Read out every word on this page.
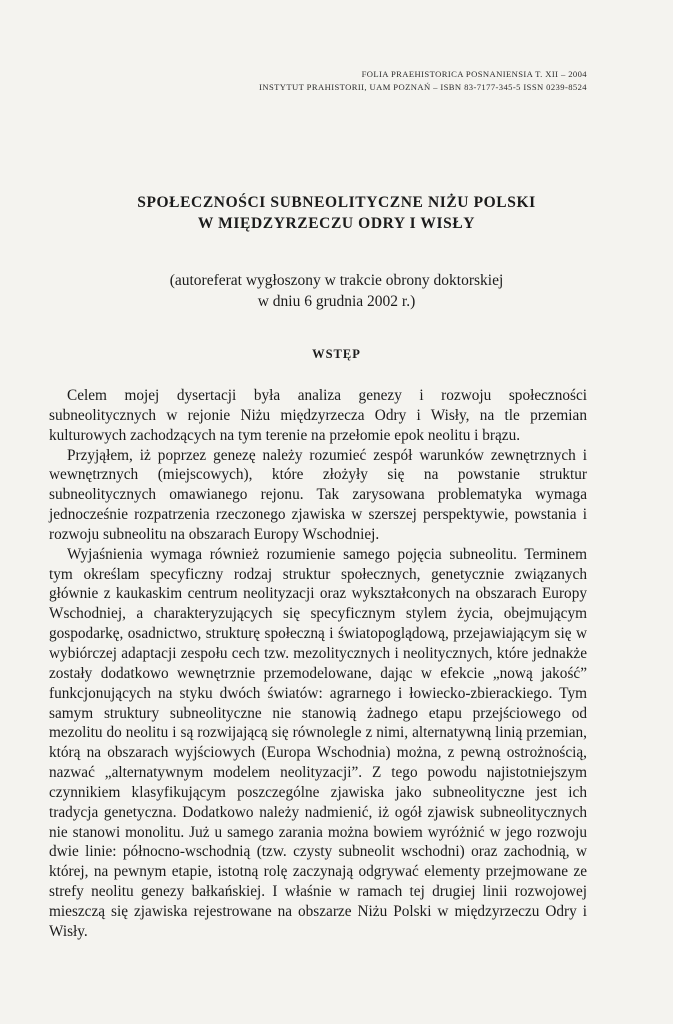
FOLIA PRAEHISTORICA POSNANIENSIA T. XII – 2004
INSTYTUT PRAHISTORII, UAM POZNAŃ – ISBN 83-7177-345-5 ISSN 0239-8524
SPOŁECZNOŚCI SUBNEOLITYCZNE NIŻU POLSKI
W MIĘDZYRZECZU ODRY I WISŁY
(autoreferat wygłoszony w trakcie obrony doktorskiej
w dniu 6 grudnia 2002 r.)
WSTĘP

Celem mojej dysertacji była analiza genezy i rozwoju społeczności subneolitycznych w rejonie Niżu międzyrzecza Odry i Wisły, na tle przemian kulturowych zachodzących na tym terenie na przełomie epok neolitu i brązu.

Przyjąłem, iż poprzez genezę należy rozumieć zespół warunków zewnętrznych i wewnętrznych (miejscowych), które złożyły się na powstanie struktur subneolitycznych omawianego rejonu. Tak zarysowana problematyka wymaga jednocześnie rozpatrzenia rzeczonego zjawiska w szerszej perspektywie, powstania i rozwoju subneolitu na obszarach Europy Wschodniej.

Wyjaśnienia wymaga również rozumienie samego pojęcia subneolitu. Terminem tym określam specyficzny rodzaj struktur społecznych, genetycznie związanych głównie z kaukaskim centrum neolityzacji oraz wykształconych na obszarach Europy Wschodniej, a charakteryzujących się specyficznym stylem życia, obejmującym gospodarkę, osadnictwo, strukturę społeczną i światopoglądową, przejawiającym się w wybiórczej adaptacji zespołu cech tzw. mezolitycznych i neolitycznych, które jednakże zostały dodatkowo wewnętrznie przemodelowane, dając w efekcie „nową jakość” funkcjonujących na styku dwóch światów: agrarnego i łowiecko-zbierackiego. Tym samym struktury subneolityczne nie stanowią żadnego etapu przejściowego od mezolitu do neolitu i są rozwijającą się równolegle z nimi, alternatywną linią przemian, którą na obszarach wyjściowych (Europa Wschodnia) można, z pewną ostrożnością, nazwać „alternatywnym modelem neolityzacji”. Z tego powodu najistotniejszym czynnikiem klasyfikującym poszczególne zjawiska jako subneolityczne jest ich tradycja genetyczna. Dodatkowo należy nadmienić, iż ogół zjawisk subneolitycznych nie stanowi monolitu. Już u samego zarania można bowiem wyróżnić w jego rozwoju dwie linie: północno-wschodnią (tzw. czysty subneolit wschodni) oraz zachodnią, w której, na pewnym etapie, istotną rolę zaczynają odgrywać elementy przejmowane ze strefy neolitu genezy bałkańskiej. I właśnie w ramach tej drugiej linii rozwojowej mieszczą się zjawiska rejestrowane na obszarze Niżu Polski w międzyrzeczu Odry i Wisły.
